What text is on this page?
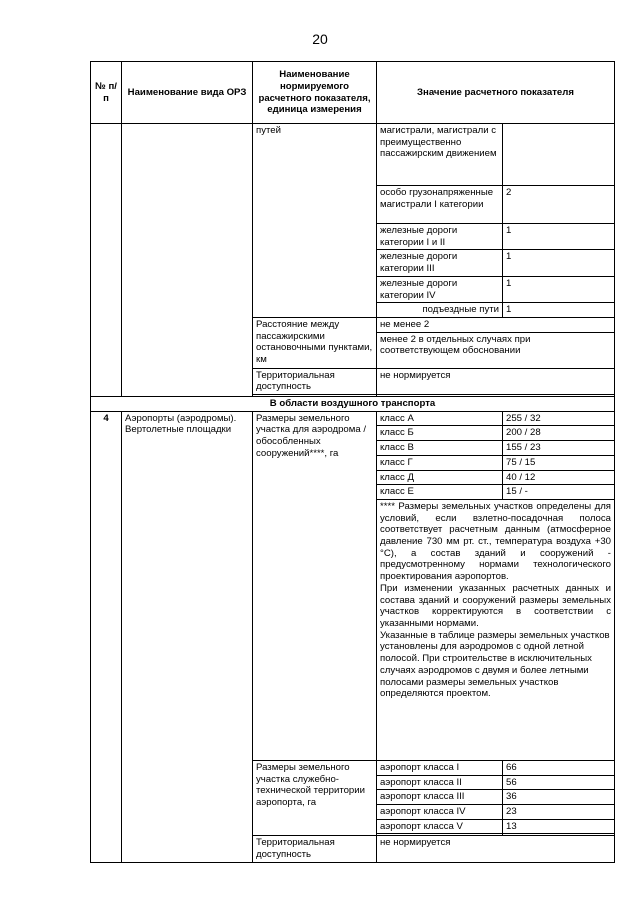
20
№ п/п	Наименование вида ОРЗ	Наименование нормируемого расчетного показателя, единица измерения	Значение расчетного показателя	
		путей	магистрали, магистрали с преимущественно пассажирским движением	
			особо грузонапряженные магистрали I категории	2
			железные дороги категории I и II	1
			железные дороги категории III	1
			железные дороги категории IV	1
			подъездные пути	1
		Расстояние между пассажирскими остановочными пунктами, км	не менее 2	
			менее 2 в отдельных случаях при соответствующем обосновании	
		Территориальная доступность	не нормируется	

В области воздушного транспорта				
4	Аэропорты (аэродромы). Вертолетные площадки	Размеры земельного участка для аэродрома / обособленных сооружений****, га	класс А	255 / 32
			класс Б	200 / 28
			класс В	155 / 23
			класс Г	75 / 15
			класс Д	40 / 12
			класс Е	15 / -

			**** Размеры земельных участков определены для условий, если взлетно-посадочная полоса соответствует расчетным данным (атмосферное давление 730 мм рт. ст., температура воздуха +30 °С), а состав зданий и сооружений - предусмотренному нормами технологического проектирования аэропортов.

При изменении указанных расчетных данных и состава зданий и сооружений размеры земельных участков корректируются в соответствии с указанными нормами.

Указанные в таблице размеры земельных участков установлены для аэродромов с одной летной полосой. При строительстве в исключительных случаях аэродромов с двумя и более летными полосами размеры земельных участков определяются проектом.	

		Размеры земельного участка служебно-технической территории аэропорта, га	аэропорт класса I	66
			аэропорт класса II	56
			аэропорт класса III	36
			аэропорт класса IV	23
			аэропорт класса V	13

		Территориальная доступность	не нормируется	
